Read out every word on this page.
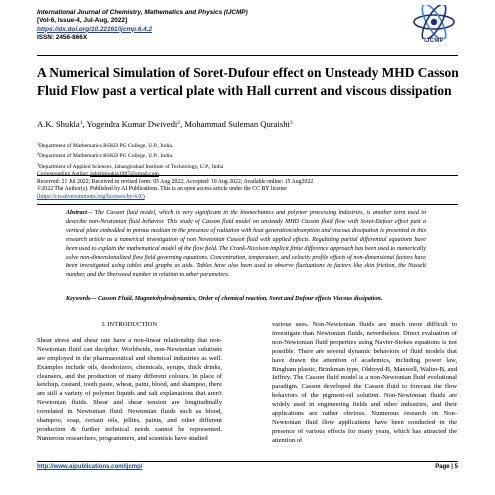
International Journal of Chemistry, Mathematics and Physics (IJCMP)
[Vol-6, Issue-4, Jul-Aug, 2022]
https://dx.doi.org/10.22161/ijcmp.6.4.2
ISSN: 2456-866X	IJCMP
A Numerical Simulation of Soret-Dufour effect on Unsteady MHD Casson Fluid Flow past a vertical plate with Hall current and viscous dissipation
A.K. Shukla$^1$, Yogendra Kumar Dwivedi$^2$, Mohammad Suleman Quraishi$^3$
$^1$Department of Mathematics RSKD PG College, U.P., India.
$^2$Department of Mathematics RSKD PG College, U.P., India.
$^3$Department of Applied Sciences, Jahangirabad Institute of Technology, U.P., India
Corresponding Author: ashishshukla1987@gmail.com
Received: 21 Jul 2022; Received in revised form: 05 Aug 2022; Accepted: 10 Aug 2022; Available online: 15 Aug2022
©2022 The Author(s). Published by AI Publications. This is an open access article under the CC BY license
(https://creativecommons.org/licenses/by/4.0/)
Abstract— The Casson fluid model, which is very significant in the biomechanics and polymer processing industries, is another term used to describe non-Newtonian fluid behavior. This study of Casson fluid model on unsteady MHD Casson fluid flow with Soret-Dufour effect past a vertical plate embedded in porous medium in the presence of radiation with heat generation/absorption and viscous dissipation is presented in this research article as a numerical investigation of non Newtonian Casson fluid with applied effects. Regulating partial differential equations have been used to explain the mathematical model of the flow field. The Crank-Nicolson implicit finite difference approach has been used to numerically solve non-dimensionalized flow field governing equations. Concentration, temperature, and velocity profile effects of non-dimensional factors have been investigated using tables and graphs as aids. Tables have also been used to observe fluctuations in factors like skin friction, the Nusselt number, and the Sherwood number in relation to other parameters.
Keywords— Casson Fluid, Magnetohydrodynamics, Order of chemical reaction, Soret and Dufour effects Viscous dissipation.
I. INTRODUCTION
Shear stress and shear rate have a non-linear relationship that non-Newtonian fluid can decipher. Worldwide, non-Newtonian solutions are employed in the pharmaceutical and chemical industries as well. Examples include oils, deodorizers, chemicals, syrups, thick drinks, cleansers, and the production of many different colours. In place of ketchup, custard, tooth paste, wheat, paint, blood, and shampoo, there are still a variety of polymer liquids and salt explanations that aren't Newtonian fluids. Shear and shear tension are longitudinally correlated in Newtonian fluid. Newtonian fluids such as blood, shampoo, soap, certain oils, jellies, paints, and other different production & further technical needs cannot be represented. Numerous researchers, programmers, and scientists have studied
various uses. Non-Newtonian fluids are much more difficult to investigate than Newtonian fluids, nevertheless. Direct evaluation of non-Newtonian fluid properties using Navier-Stokes equations is not possible. There are several dynamic behaviors of fluid models that have drawn the attention of academics, including power law, Bingham plastic, Brinkman type, Oldroyd-B, Maxwell, Walter-B, and Jeffrey. The Casson fluid model is a non-Newtonian fluid evolutional paradigm. Casson developed the Casson fluid to forecast the flow behaviors of the pigment-oil solution. Non-Newtonian fluids are widely used in engineering fields and other industries, and their applications are rather obvious. Numerous research on Non-Newtonian fluid flow applications have been conducted in the presence of various effects for many years, which has attracted the attention of
http://www.aipublications.com/ijcmp/	Page | 5
